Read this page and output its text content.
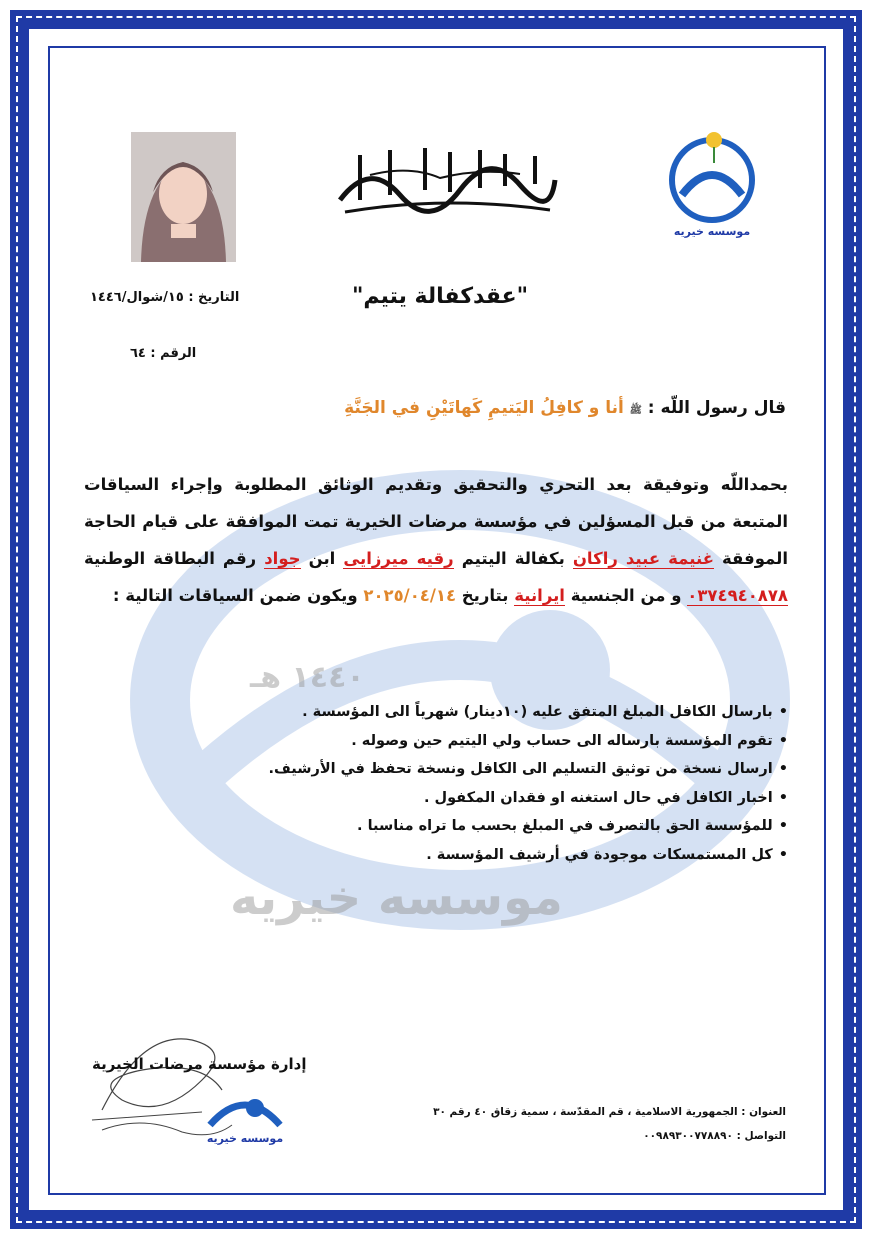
١٤٤٠ هـ
موسسه خيريه
موسسه خيريه
"عقدكفالة يتيم"
التاريخ : ١٥/شوال/١٤٤٦
الرقم : ٦٤
قال رسول اللّه : ﷺ أنا و كافِلُ اليَتيمِ كَهاتَيْنِ في الجَنَّةِ
بحمداللّه وتوفيقة بعد التحري والتحقيق وتقديم الوثائق المطلوبة وإجراء السياقات المتبعة من قبل المسؤلين في مؤسسة مرضات الخيرية تمت الموافقة على قيام الحاجة الموفقة غنيمة عبيد راكان بكفالة اليتيم رقيه ميرزايى ابن جواد رقم البطاقة الوطنية ٠٣٧٤٩٤٠٨٧٨ و من الجنسية ايرانية بتاريخ ٢٠٢٥/٠٤/١٤ ويكون ضمن السياقات التالية :
• بارسال الكافل المبلغ المتفق عليه (١٠دينار) شهرياً الى المؤسسة .
• تقوم المؤسسة بارساله الى حساب ولي اليتيم حين وصوله .
• ارسال نسخة من توثيق التسليم الى الكافل ونسخة تحفظ في الأرشيف.
• اخبار الكافل في حال استغنه او فقدان المكفول .
• للمؤسسة الحق بالتصرف في المبلغ بحسب ما تراه مناسبا .
• كل المستمسكات موجودة في أرشيف المؤسسة .
إدارة مؤسسة مرضات الخيرية
موسسه خيريه
العنوان : الجمهورية الاسلامية ، قم المقدّسة ، سمية زقاق ٤٠ رقم ٣٠
التواصل : ٠٠٩٨٩٣٠٠٧٧٨٨٩٠
